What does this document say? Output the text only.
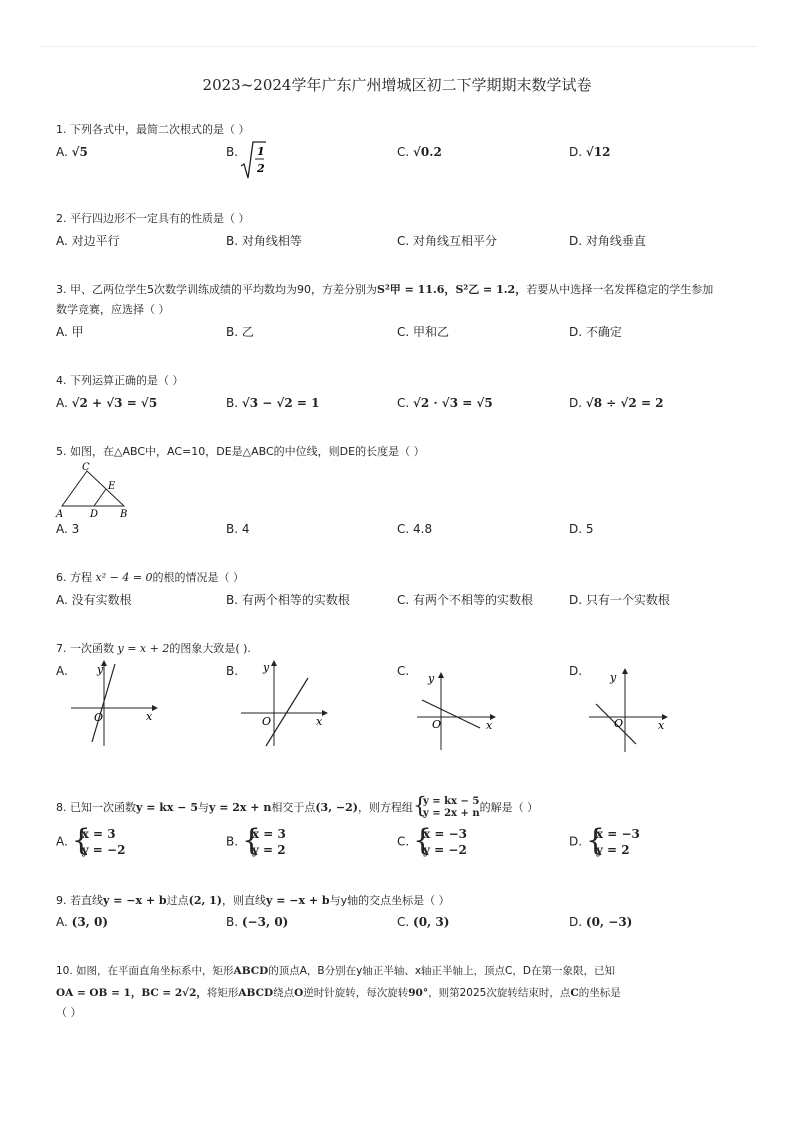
2023~2024学年广东广州增城区初二下学期期末数学试卷
1. 下列各式中，最简二次根式的是（ ）
A. √5	B. 1
2
C. √0.2	D. √12
2. 平行四边形不一定具有的性质是（ ）
A. 对边平行	B. 对角线相等	C. 对角线互相平分	D. 对角线垂直
3. 甲、乙两位学生5次数学训练成绩的平均数均为90，方差分别为S²甲 = 11.6，S²乙 = 1.2，若要从中选择一名发挥稳定的学生参加
数学竞赛，应选择（ ）
A. 甲	B. 乙	C. 甲和乙	D. 不确定
4. 下列运算正确的是（ ）
A. √2 + √3 = √5	B. √3 − √2 = 1	C. √2 · √3 = √5	D. √8 ÷ √2 = 2
5. 如图，在△ABC中，AC=10，DE是△ABC的中位线，则DE的长度是（ ）
C
E
A	D B
A. 3	B. 4	C. 4.8	D. 5
6. 方程 x² − 4 = 0的根的情况是（ ）
A. 没有实数根	B. 有两个相等的实数根	C. 有两个不相等的实数根	D. 只有一个实数根
7. 一次函数 y = x + 2的图象大致是( ).
A.	B.	C.	D.
x
y
O	x
y
O	x
y
O	x
y
O
8. 已知一次函数y = kx − 5与y = 2x + n相交于点(3, −2)，则方程组 {
y = kx − 5
y = 2x + n 的解是（ ）
A. {
x = 3
y = −2
B. {
x = 3
y = 2
C. {
x = −3
y = −2
D. {
x = −3
y = 2
9. 若直线y = −x + b过点(2, 1)，则直线y = −x + b与y轴的交点坐标是（ ）
A. (3, 0)	B. (−3, 0)	C. (0, 3)	D. (0, −3)
10. 如图，在平面直角坐标系中，矩形ABCD的顶点A，B分别在y轴正半轴、x轴正半轴上，顶点C，D在第一象限，已知
OA = OB = 1，BC = 2√2，将矩形ABCD绕点O逆时针旋转，每次旋转90°，则第2025次旋转结束时，点C的坐标是
（ ）
